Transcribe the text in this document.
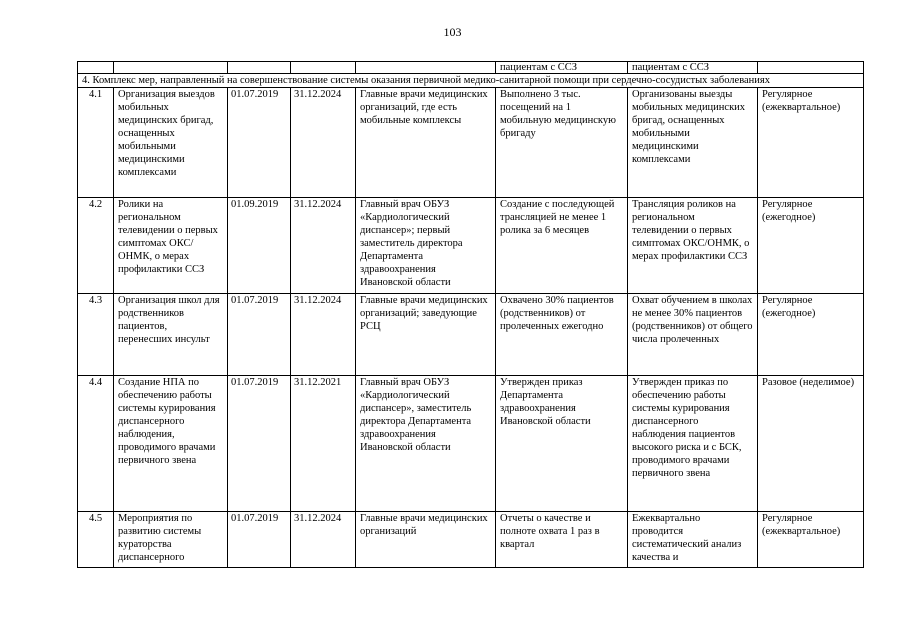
103
					пациентам с ССЗ	пациентам с ССЗ	
4. Комплекс мер, направленный на совершенствование системы оказания первичной медико-санитарной помощи при сердечно-сосудистых заболеваниях							
4.1	Организация выездов мобильных медицинских бригад, оснащенных мобильными медицинскими комплексами	01.07.2019	31.12.2024	Главные врачи медицинских организаций, где есть мобильные комплексы	Выполнено 3 тыс. посещений на 1 мобильную медицинскую бригаду	Организованы выезды мобильных медицинских бригад, оснащенных мобильными медицинскими комплексами	Регулярное (ежеквартальное)
4.2	Ролики на региональном телевидении о первых симптомах ОКС/ОНМК, о мерах профилактики ССЗ	01.09.2019	31.12.2024	Главный врач ОБУЗ «Кардиологический диспансер»; первый заместитель директора Департамента здравоохранения Ивановской области	Создание с последующей трансляцией не менее 1 ролика за 6 месяцев	Трансляция роликов на региональном телевидении о первых симптомах ОКС/ОНМК, о мерах профилактики ССЗ	Регулярное (ежегодное)
4.3	Организация школ для родственников пациентов, перенесших инсульт	01.07.2019	31.12.2024	Главные врачи медицинских организаций; заведующие РСЦ	Охвачено 30% пациентов (родственников) от пролеченных ежегодно	Охват обучением в школах не менее 30% пациентов (родственников) от общего числа пролеченных	Регулярное (ежегодное)
4.4	Создание НПА по обеспечению работы системы курирования диспансерного наблюдения, проводимого врачами первичного звена	01.07.2019	31.12.2021	Главный врач ОБУЗ «Кардиологический диспансер», заместитель директора Департамента здравоохранения Ивановской области	Утвержден приказ Департамента здравоохранения Ивановской области	Утвержден приказ по обеспечению работы системы курирования диспансерного наблюдения пациентов высокого риска и с БСК, проводимого врачами первичного звена	Разовое (неделимое)
4.5	Мероприятия по развитию системы кураторства диспансерного	01.07.2019	31.12.2024	Главные врачи медицинских организаций	Отчеты о качестве и полноте охвата 1 раз в квартал	Ежеквартально проводится систематический анализ качества и	Регулярное (ежеквартальное)
